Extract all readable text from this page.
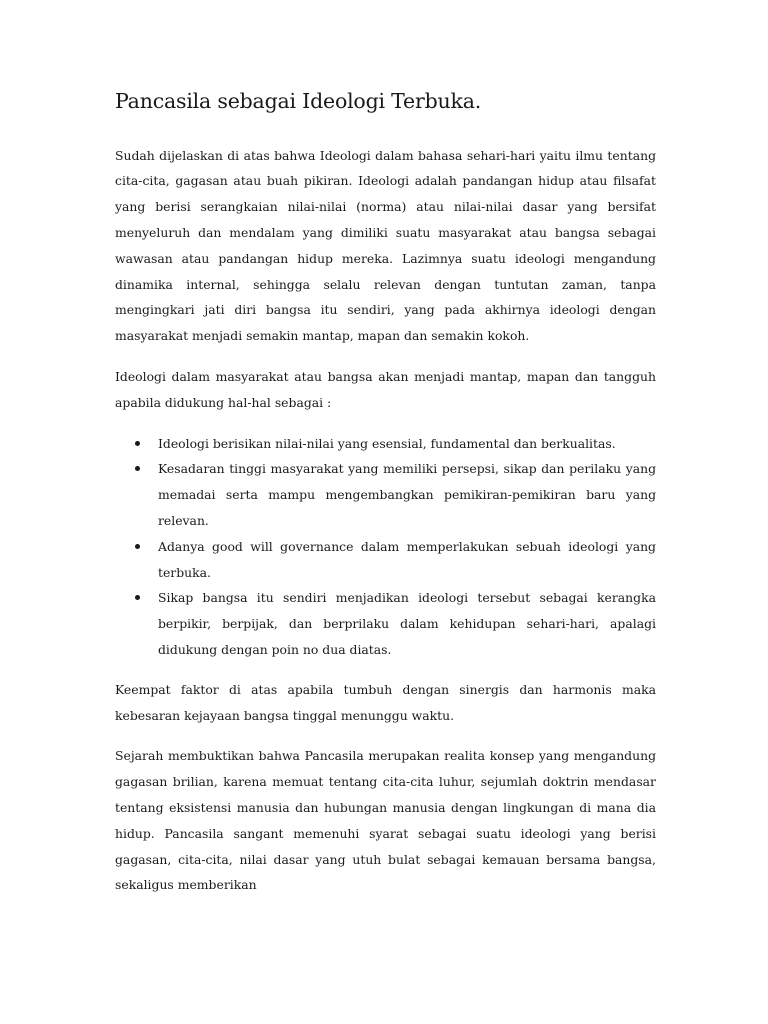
Pancasila sebagai Ideologi Terbuka.

Sudah dijelaskan di atas bahwa Ideologi dalam bahasa sehari-hari yaitu ilmu tentang cita-cita, gagasan atau buah pikiran. Ideologi adalah pandangan hidup atau filsafat yang berisi serangkaian nilai-nilai (norma) atau nilai-nilai dasar yang bersifat menyeluruh dan mendalam yang dimiliki suatu masyarakat atau bangsa sebagai wawasan atau pandangan hidup mereka. Lazimnya suatu ideologi mengandung dinamika internal, sehingga selalu relevan dengan tuntutan zaman, tanpa mengingkari jati diri bangsa itu sendiri, yang pada akhirnya ideologi dengan masyarakat menjadi semakin mantap, mapan dan semakin kokoh.

Ideologi dalam masyarakat atau bangsa akan menjadi mantap, mapan dan tangguh apabila didukung hal-hal sebagai :

Ideologi berisikan nilai-nilai yang esensial, fundamental dan berkualitas.
Kesadaran tinggi masyarakat yang memiliki persepsi, sikap dan perilaku yang memadai serta mampu mengembangkan pemikiran-pemikiran baru yang relevan.
Adanya good will governance dalam memperlakukan sebuah ideologi yang terbuka.
Sikap bangsa itu sendiri menjadikan ideologi tersebut sebagai kerangka berpikir, berpijak, dan berprilaku dalam kehidupan sehari-hari, apalagi didukung dengan poin no dua diatas.

Keempat faktor di atas apabila tumbuh dengan sinergis dan harmonis maka kebesaran kejayaan bangsa tinggal menunggu waktu.

Sejarah membuktikan bahwa Pancasila merupakan realita konsep yang mengandung gagasan brilian, karena memuat tentang cita-cita luhur, sejumlah doktrin mendasar tentang eksistensi manusia dan hubungan manusia dengan lingkungan di mana dia hidup. Pancasila sangant memenuhi syarat sebagai suatu ideologi yang berisi gagasan, cita-cita, nilai dasar yang utuh bulat sebagai kemauan bersama bangsa, sekaligus memberikan
